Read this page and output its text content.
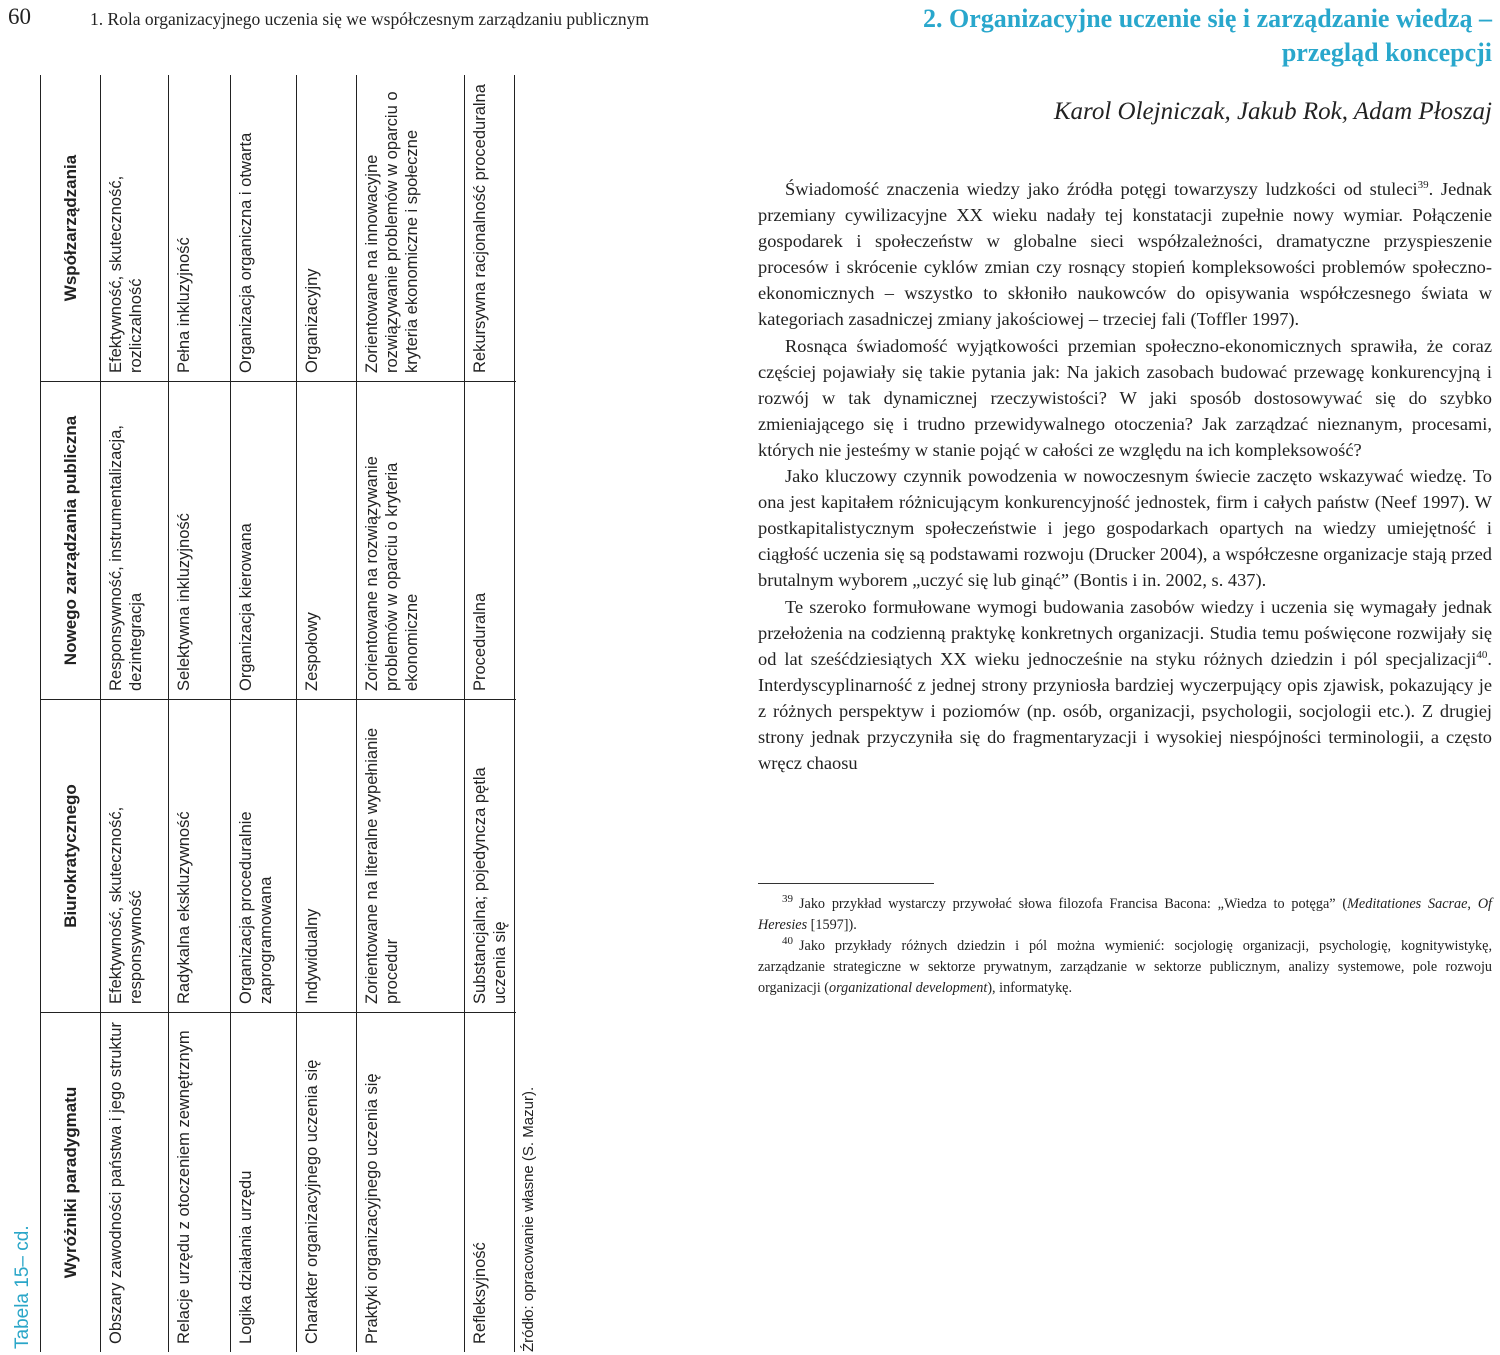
60	1. Rola organizacyjnego uczenia się we współczesnym zarządzaniu publicznym
Tabela 15– cd.	Wyróżniki paradygmatu
Biurokratycznego
Nowego zarządzania publiczna
Współzarządzania
Obszary zawodności państwa i jego struktur
Efektywność, skuteczność, responsywność
Responsywność, instrumentalizacja, dezintegracja
Efektywność, skuteczność, rozliczalność
Relacje urzędu z otoczeniem zewnętrznym
Radykalna ekskluzywność
Selektywna inkluzyjność
Pełna inkluzyjność
Logika działania urzędu
Organizacja proceduralnie zaprogramowana
Organizacja kierowana
Organizacja organiczna i otwarta
Charakter organizacyjnego uczenia się
Indywidualny
Zespołowy
Organizacyjny
Praktyki organizacyjnego uczenia się
Zorientowane na literalne wypełnianie procedur
Zorientowane na rozwiązywanie problemów w oparciu o kryteria ekonomiczne
Zorientowane na innowacyjne rozwiązywanie problemów w oparciu o kryteria ekonomiczne i społeczne
Refleksyjność
Substancjalna; pojedyncza pętla uczenia się
Proceduralna
Rekursywna racjonalność proceduralna
Źródło: opracowanie własne (S. Mazur).
2. Organizacyjne uczenie się i zarządzanie wiedzą – przegląd koncepcji
Karol Olejniczak, Jakub Rok, Adam Płoszaj

Świadomość znaczenia wiedzy jako źródła potęgi towarzyszy ludzkości od stuleci$^{39}$. Jednak przemiany cywilizacyjne XX wieku nadały tej konstatacji zupełnie nowy wymiar. Połączenie gospodarek i społeczeństw w globalne sieci współzależności, dramatyczne przyspieszenie procesów i skrócenie cyklów zmian czy rosnący stopień kompleksowości problemów społeczno-ekonomicznych – wszystko to skłoniło naukowców do opisywania współczesnego świata w kategoriach zasadniczej zmiany jakościowej – trzeciej fali (Toffler 1997).

Rosnąca świadomość wyjątkowości przemian społeczno-ekonomicznych sprawiła, że coraz częściej pojawiały się takie pytania jak: Na jakich zasobach budować przewagę konkurencyjną i rozwój w tak dynamicznej rzeczywistości? W jaki sposób dostosowywać się do szybko zmieniającego się i trudno przewidywalnego otoczenia? Jak zarządzać nieznanym, procesami, których nie jesteśmy w stanie pojąć w całości ze względu na ich kompleksowość?

Jako kluczowy czynnik powodzenia w nowoczesnym świecie zaczęto wskazywać wiedzę. To ona jest kapitałem różnicującym konkurencyjność jednostek, firm i całych państw (Neef 1997). W postkapitalistycznym społeczeństwie i jego gospodarkach opartych na wiedzy umiejętność i ciągłość uczenia się są podstawami rozwoju (Drucker 2004), a współczesne organizacje stają przed brutalnym wyborem „uczyć się lub ginąć” (Bontis i in. 2002, s. 437).

Te szeroko formułowane wymogi budowania zasobów wiedzy i uczenia się wymagały jednak przełożenia na codzienną praktykę konkretnych organizacji. Studia temu poświęcone rozwijały się od lat sześćdziesiątych XX wieku jednocześnie na styku różnych dziedzin i pól specjalizacji$^{40}$. Interdyscyplinarność z jednej strony przyniosła bardziej wyczerpujący opis zjawisk, pokazujący je z różnych perspektyw i poziomów (np. osób, organizacji, psychologii, socjologii etc.). Z drugiej strony jednak przyczyniła się do fragmentaryzacji i wysokiej niespójności terminologii, a często wręcz chaosu

$^{39}$ Jako przykład wystarczy przywołać słowa filozofa Francisa Bacona: „Wiedza to potęga” (Meditationes Sacrae, Of Heresies [1597]).

$^{40}$ Jako przykłady różnych dziedzin i pól można wymienić: socjologię organizacji, psychologię, kognitywistykę, zarządzanie strategiczne w sektorze prywatnym, zarządzanie w sektorze publicznym, analizy systemowe, pole rozwoju organizacji (organizational development), informatykę.
